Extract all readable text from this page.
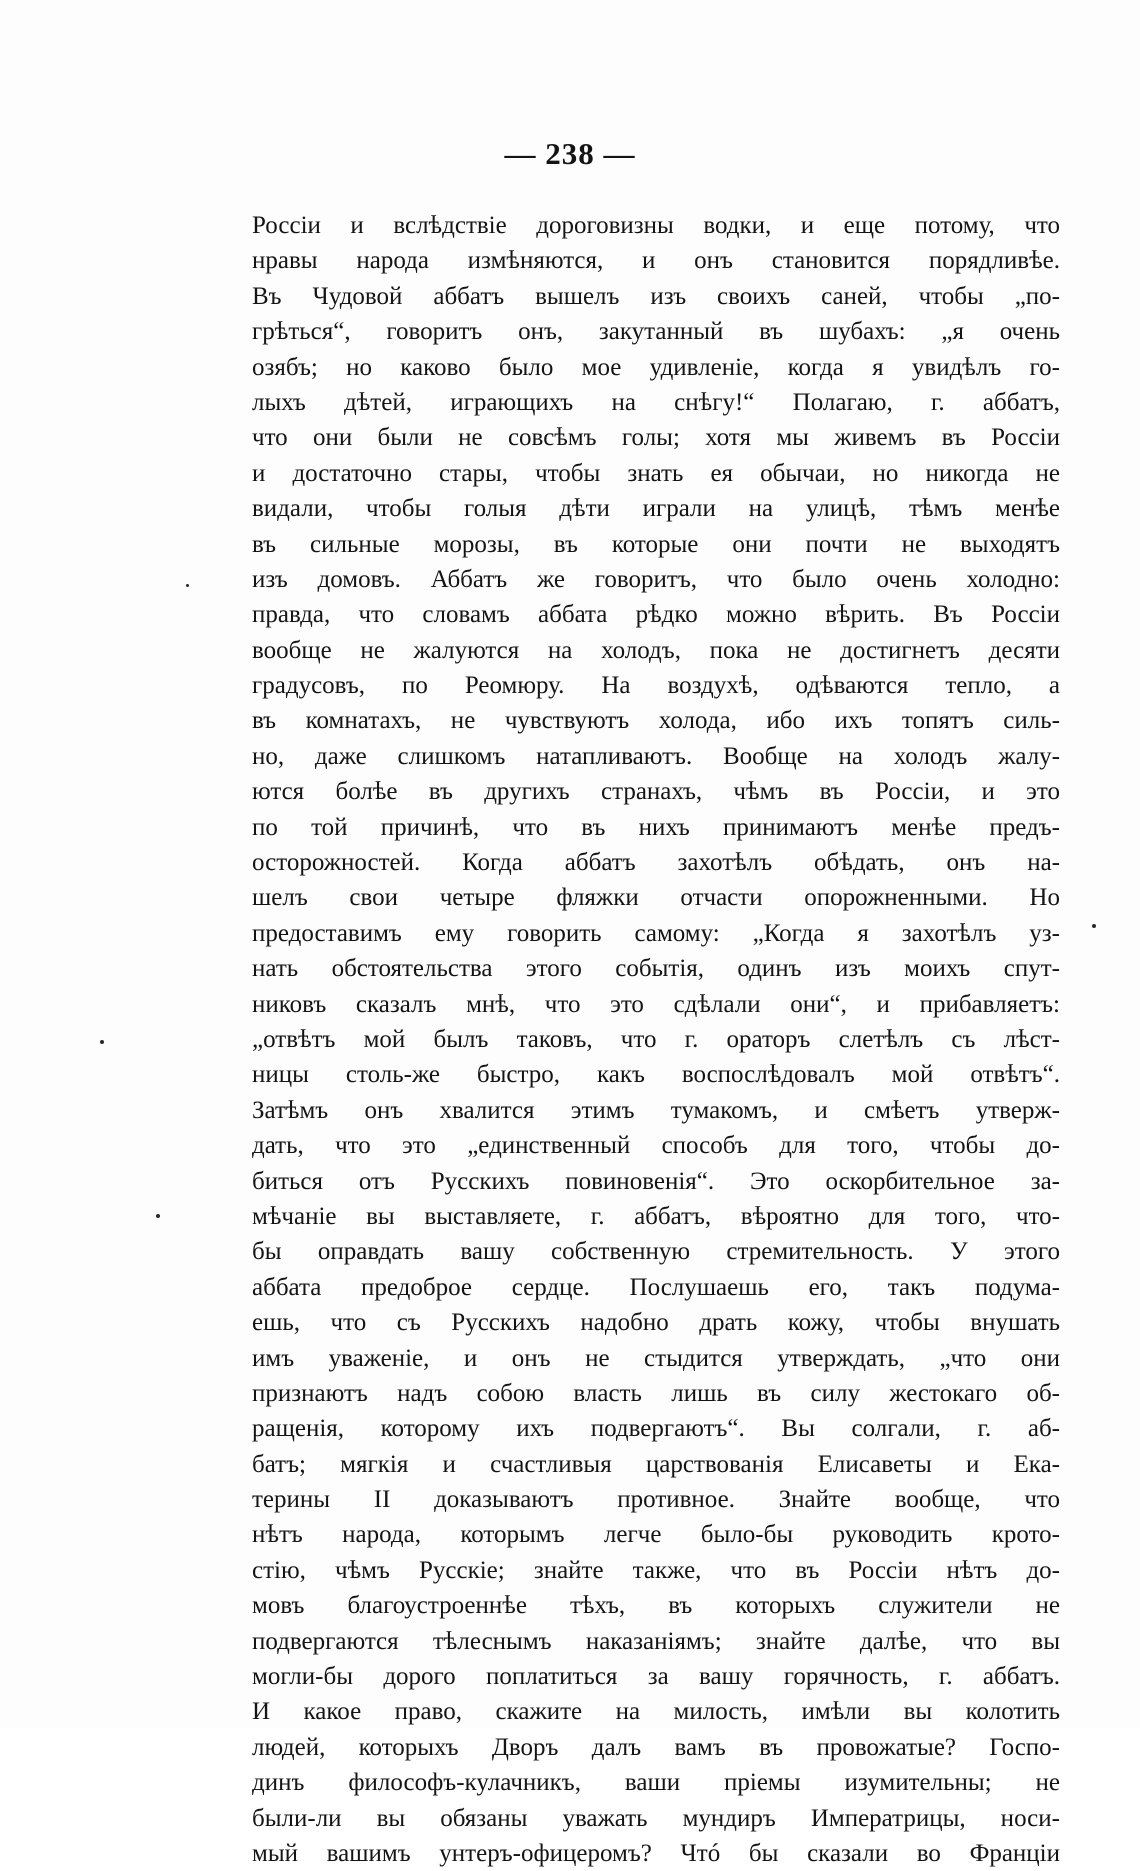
— 238 —
Россіи и вслѣдствіе дороговизны водки, и еще потому, что
нравы народа измѣняются, и онъ становится порядливѣе.
Въ Чудовой аббатъ вышелъ изъ своихъ саней, чтобы „по-
грѣться“, говоритъ онъ, закутанный въ шубахъ: „я очень
озябъ; но каково было мое удивленіе, когда я увидѣлъ го-
лыхъ дѣтей, играющихъ на снѣгу!“ Полагаю, г. аббатъ,
что они были не совсѣмъ голы; хотя мы живемъ въ Россіи
и достаточно стары, чтобы знать ея обычаи, но никогда не
видали, чтобы голыя дѣти играли на улицѣ, тѣмъ менѣе
въ сильные морозы, въ которые они почти не выходятъ
изъ домовъ. Аббатъ же говоритъ, что было очень холодно:
правда, что словамъ аббата рѣдко можно вѣрить. Въ Россіи
вообще не жалуются на холодъ, пока не достигнетъ десяти
градусовъ, по Реомюру. На воздухѣ, одѣваются тепло, а
въ комнатахъ, не чувствуютъ холода, ибо ихъ топятъ силь-
но, даже слишкомъ натапливаютъ. Вообще на холодъ жалу-
ются болѣе въ другихъ странахъ, чѣмъ въ Россіи, и это
по той причинѣ, что въ нихъ принимаютъ менѣе предъ-
осторожностей. Когда аббатъ захотѣлъ обѣдать, онъ на-
шелъ свои четыре фляжки отчасти опорожненными. Но
предоставимъ ему говорить самому: „Когда я захотѣлъ уз-
нать обстоятельства этого событія, одинъ изъ моихъ спут-
никовъ сказалъ мнѣ, что это сдѣлали они“, и прибавляетъ:
„отвѣтъ мой былъ таковъ, что г. ораторъ слетѣлъ съ лѣст-
ницы столь-же быстро, какъ воспослѣдовалъ мой отвѣтъ“.
Затѣмъ онъ хвалится этимъ тумакомъ, и смѣетъ утверж-
дать, что это „единственный способъ для того, чтобы до-
биться отъ Русскихъ повиновенія“. Это оскорбительное за-
мѣчаніе вы выставляете, г. аббатъ, вѣроятно для того, что-
бы оправдать вашу собственную стремительность. У этого
аббата предоброе сердце. Послушаешь его, такъ подума-
ешь, что съ Русскихъ надобно драть кожу, чтобы внушать
имъ уваженіе, и онъ не стыдится утверждать, „что они
признаютъ надъ собою власть лишь въ силу жестокаго об-
ращенія, которому ихъ подвергаютъ“. Вы солгали, г. аб-
батъ; мягкія и счастливыя царствованія Елисаветы и Ека-
терины II доказываютъ противное. Знайте вообще, что
нѣтъ народа, которымъ легче было-бы руководить крото-
стію, чѣмъ Русскіе; знайте также, что въ Россіи нѣтъ до-
мовъ благоустроеннѣе тѣхъ, въ которыхъ служители не
подвергаются тѣлеснымъ наказаніямъ; знайте далѣе, что вы
могли-бы дорого поплатиться за вашу горячность, г. аббатъ.
И какое право, скажите на милость, имѣли вы колотить
людей, которыхъ Дворъ далъ вамъ въ провожатые? Госпо-
динъ философъ-кулачникъ, ваши пріемы изумительны; не
были-ли вы обязаны уважать мундиръ Императрицы, носи-
мый вашимъ унтеръ-офицеромъ? Чтó бы сказали во Франціи
